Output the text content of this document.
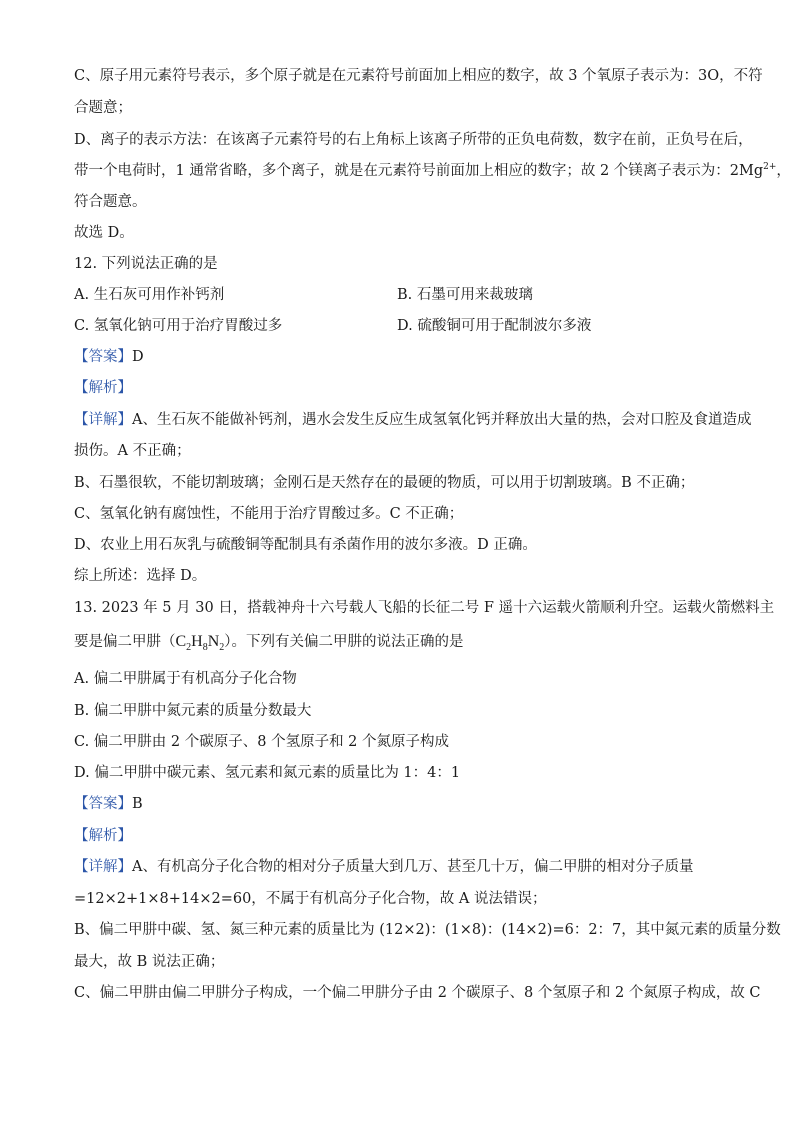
C、原子用元素符号表示，多个原子就是在元素符号前面加上相应的数字，故 3 个氧原子表示为：3O，不符
合题意；
D、离子的表示方法：在该离子元素符号的右上角标上该离子所带的正负电荷数，数字在前，正负号在后，
带一个电荷时，1 通常省略，多个离子，就是在元素符号前面加上相应的数字；故 2 个镁离子表示为：$2Mg^{2+}$，
符合题意。
故选 D。
12. 下列说法正确的是
A. 生石灰可用作补钙剂	B. 石墨可用来裁玻璃
C. 氢氧化钠可用于治疗胃酸过多	D. 硫酸铜可用于配制波尔多液
【答案】D
【解析】
【详解】A、生石灰不能做补钙剂，遇水会发生反应生成氢氧化钙并释放出大量的热，会对口腔及食道造成
损伤。A 不正确；
B、石墨很软，不能切割玻璃；金刚石是天然存在的最硬的物质，可以用于切割玻璃。B 不正确；
C、氢氧化钠有腐蚀性，不能用于治疗胃酸过多。C 不正确；
D、农业上用石灰乳与硫酸铜等配制具有杀菌作用的波尔多液。D 正确。
综上所述：选择 D。
13. 2023 年 5 月 30 日，搭载神舟十六号载人飞船的长征二号 F 遥十六运载火箭顺利升空。运载火箭燃料主
要是偏二甲肼$(C_2H_8N_2)$。下列有关偏二甲肼的说法正确的是
A. 偏二甲肼属于有机高分子化合物
B. 偏二甲肼中氮元素的质量分数最大
C. 偏二甲肼由 2 个碳原子、8 个氢原子和 2 个氮原子构成
D. 偏二甲肼中碳元素、氢元素和氮元素的质量比为 1：4：1
【答案】B
【解析】
【详解】A、有机高分子化合物的相对分子质量大到几万、甚至几十万，偏二甲肼的相对分子质量
=12×2+1×8+14×2=60，不属于有机高分子化合物，故 A 说法错误；
B、偏二甲肼中碳、氢、氮三种元素的质量比为 (12×2)：(1×8)：(14×2)=6：2：7，其中氮元素的质量分数
最大，故 B 说法正确；
C、偏二甲肼由偏二甲肼分子构成，一个偏二甲肼分子由 2 个碳原子、8 个氢原子和 2 个氮原子构成，故 C
